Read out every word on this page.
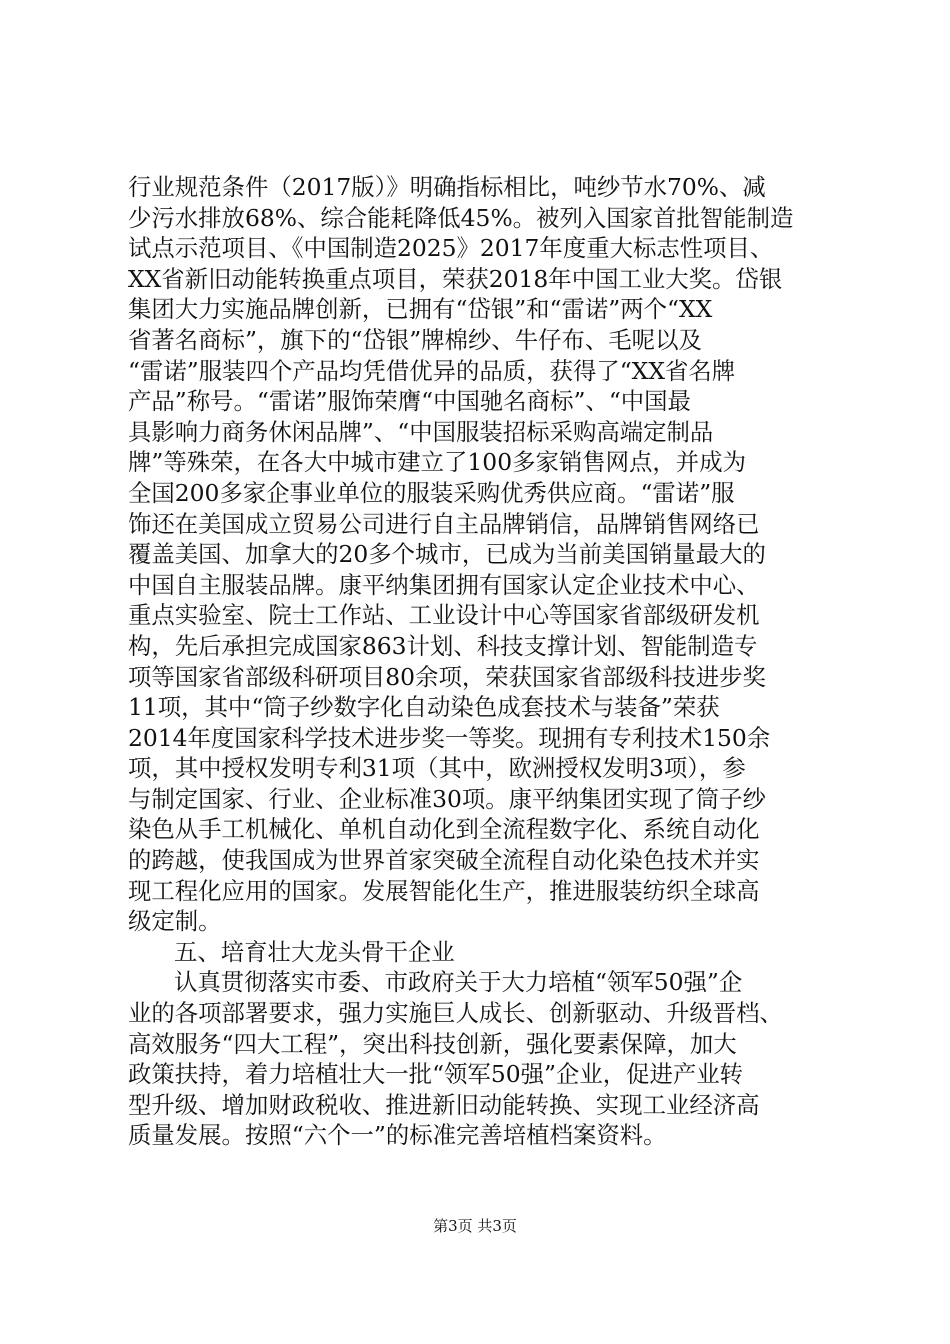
行业规范条件（2017版）》明确指标相比，吨纱节水70%、减
少污水排放68%、综合能耗降低45%。被列入国家首批智能制造
试点示范项目、《中国制造2025》2017年度重大标志性项目、
XX省新旧动能转换重点项目，荣获2018年中国工业大奖。岱银
集团大力实施品牌创新，已拥有“岱银”和“雷诺”两个“XX
省著名商标”，旗下的“岱银”牌棉纱、牛仔布、毛呢以及
“雷诺”服装四个产品均凭借优异的品质，获得了“XX省名牌
产品”称号。“雷诺”服饰荣膺“中国驰名商标”、“中国最
具影响力商务休闲品牌”、“中国服装招标采购高端定制品
牌”等殊荣，在各大中城市建立了100多家销售网点，并成为
全国200多家企事业单位的服装采购优秀供应商。“雷诺”服
饰还在美国成立贸易公司进行自主品牌销信，品牌销售网络已
覆盖美国、加拿大的20多个城市，已成为当前美国销量最大的
中国自主服装品牌。康平纳集团拥有国家认定企业技术中心、
重点实验室、院士工作站、工业设计中心等国家省部级研发机
构，先后承担完成国家863计划、科技支撑计划、智能制造专
项等国家省部级科研项目80余项，荣获国家省部级科技进步奖
11项，其中“筒子纱数字化自动染色成套技术与装备”荣获
2014年度国家科学技术进步奖一等奖。现拥有专利技术150余
项，其中授权发明专利31项（其中，欧洲授权发明3项），参
与制定国家、行业、企业标准30项。康平纳集团实现了筒子纱
染色从手工机械化、单机自动化到全流程数字化、系统自动化
的跨越，使我国成为世界首家突破全流程自动化染色技术并实
现工程化应用的国家。发展智能化生产，推进服装纺织全球高
级定制。
五、培育壮大龙头骨干企业
认真贯彻落实市委、市政府关于大力培植“领军50强”企
业的各项部署要求，强力实施巨人成长、创新驱动、升级晋档、
高效服务“四大工程”，突出科技创新，强化要素保障，加大
政策扶持，着力培植壮大一批“领军50强”企业，促进产业转
型升级、增加财政税收、推进新旧动能转换、实现工业经济高
质量发展。按照“六个一”的标准完善培植档案资料。
第3页 共3页
